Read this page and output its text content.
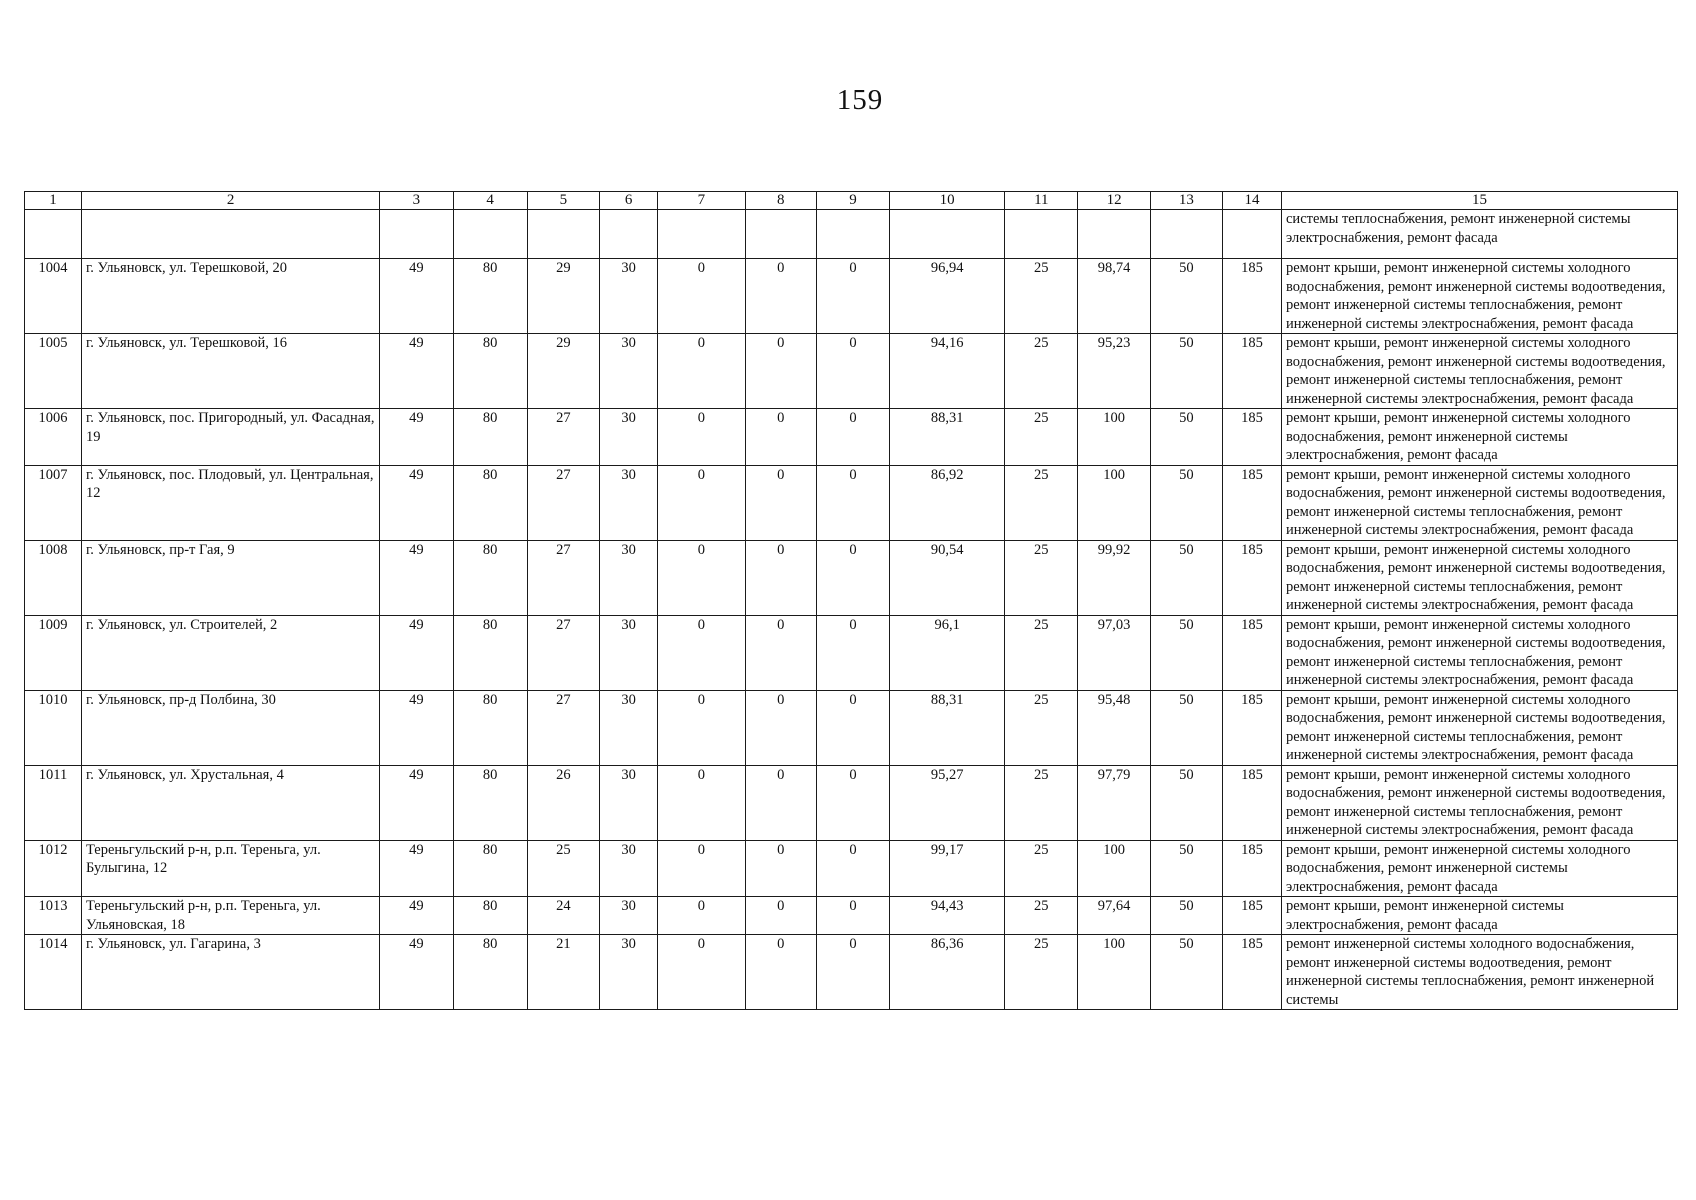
159
1	2	3	4	5	6	7	8	9	10	11	12	13	14	15
														системы теплоснабжения, ремонт инженерной системы электроснабжения, ремонт фасада
1004	г. Ульяновск, ул. Терешковой, 20	49	80	29	30	0	0	0	96,94	25	98,74	50	185	ремонт крыши, ремонт инженерной системы холодного водоснабжения, ремонт инженерной системы водоотведения, ремонт инженерной системы теплоснабжения, ремонт инженерной системы электроснабжения, ремонт фасада
1005	г. Ульяновск, ул. Терешковой, 16	49	80	29	30	0	0	0	94,16	25	95,23	50	185	ремонт крыши, ремонт инженерной системы холодного водоснабжения, ремонт инженерной системы водоотведения, ремонт инженерной системы теплоснабжения, ремонт инженерной системы электроснабжения, ремонт фасада
1006	г. Ульяновск, пос. Пригородный, ул. Фасадная, 19	49	80	27	30	0	0	0	88,31	25	100	50	185	ремонт крыши, ремонт инженерной системы холодного водоснабжения, ремонт инженерной системы электроснабжения, ремонт фасада
1007	г. Ульяновск, пос. Плодовый, ул. Центральная, 12	49	80	27	30	0	0	0	86,92	25	100	50	185	ремонт крыши, ремонт инженерной системы холодного водоснабжения, ремонт инженерной системы водоотведения, ремонт инженерной системы теплоснабжения, ремонт инженерной системы электроснабжения, ремонт фасада
1008	г. Ульяновск, пр-т Гая, 9	49	80	27	30	0	0	0	90,54	25	99,92	50	185	ремонт крыши, ремонт инженерной системы холодного водоснабжения, ремонт инженерной системы водоотведения, ремонт инженерной системы теплоснабжения, ремонт инженерной системы электроснабжения, ремонт фасада
1009	г. Ульяновск, ул. Строителей, 2	49	80	27	30	0	0	0	96,1	25	97,03	50	185	ремонт крыши, ремонт инженерной системы холодного водоснабжения, ремонт инженерной системы водоотведения, ремонт инженерной системы теплоснабжения, ремонт инженерной системы электроснабжения, ремонт фасада
1010	г. Ульяновск, пр-д Полбина, 30	49	80	27	30	0	0	0	88,31	25	95,48	50	185	ремонт крыши, ремонт инженерной системы холодного водоснабжения, ремонт инженерной системы водоотведения, ремонт инженерной системы теплоснабжения, ремонт инженерной системы электроснабжения, ремонт фасада
1011	г. Ульяновск, ул. Хрустальная, 4	49	80	26	30	0	0	0	95,27	25	97,79	50	185	ремонт крыши, ремонт инженерной системы холодного водоснабжения, ремонт инженерной системы водоотведения, ремонт инженерной системы теплоснабжения, ремонт инженерной системы электроснабжения, ремонт фасада
1012	Тереньгульский р-н, р.п. Тереньга, ул. Булыгина, 12	49	80	25	30	0	0	0	99,17	25	100	50	185	ремонт крыши, ремонт инженерной системы холодного водоснабжения, ремонт инженерной системы электроснабжения, ремонт фасада
1013	Тереньгульский р-н, р.п. Тереньга, ул. Ульяновская, 18	49	80	24	30	0	0	0	94,43	25	97,64	50	185	ремонт крыши, ремонт инженерной системы электроснабжения, ремонт фасада
1014	г. Ульяновск, ул. Гагарина, 3	49	80	21	30	0	0	0	86,36	25	100	50	185	ремонт инженерной системы холодного водоснабжения, ремонт инженерной системы водоотведения, ремонт инженерной системы теплоснабжения, ремонт инженерной системы
